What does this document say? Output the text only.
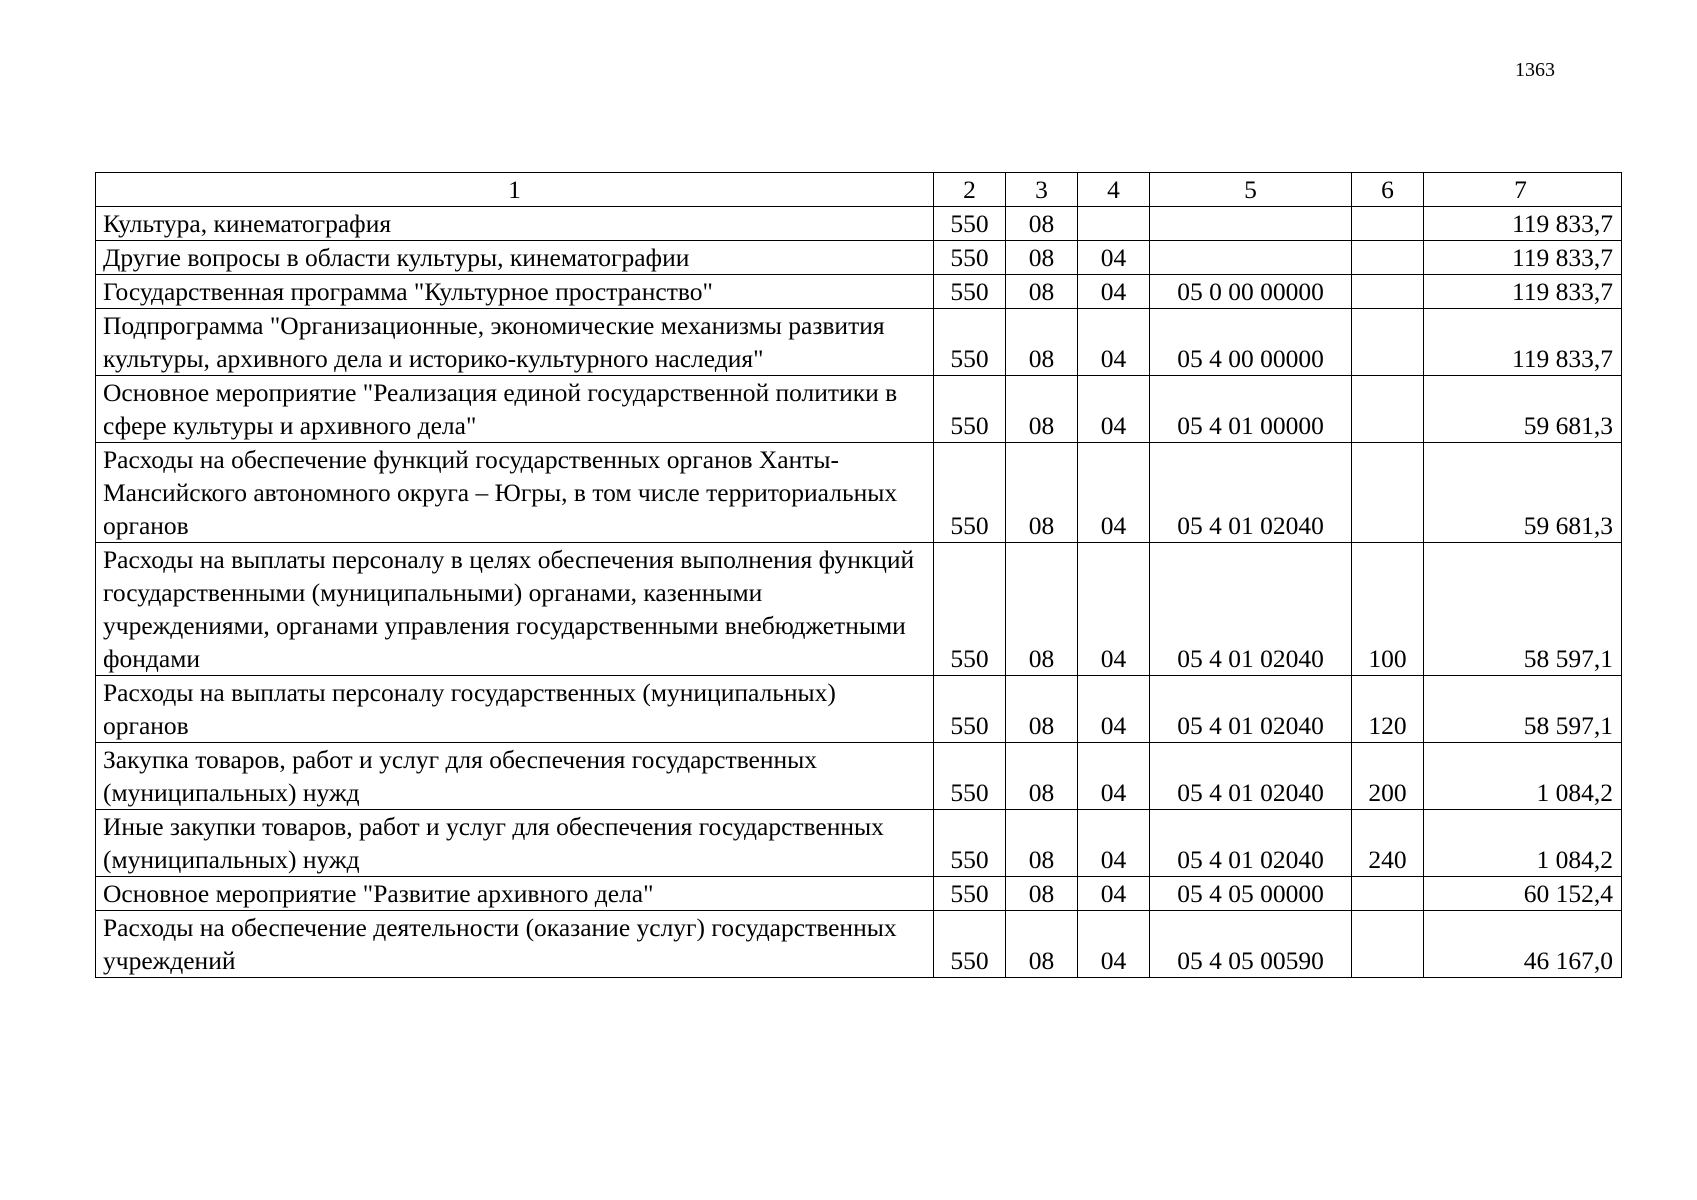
1363
1	2	3	4	5	6	7
Культура, кинематография	550	08				119 833,7
Другие вопросы в области культуры, кинематографии	550	08	04			119 833,7
Государственная программа "Культурное пространство"	550	08	04	05 0 00 00000		119 833,7
Подпрограмма "Организационные, экономические механизмы развития культуры, архивного дела и историко-культурного наследия"	550	08	04	05 4 00 00000		119 833,7
Основное мероприятие "Реализация единой государственной политики в сфере культуры и архивного дела"	550	08	04	05 4 01 00000		59 681,3
Расходы на обеспечение функций государственных органов Ханты-Мансийского автономного округа – Югры, в том числе территориальных органов	550	08	04	05 4 01 02040		59 681,3
Расходы на выплаты персоналу в целях обеспечения выполнения функций государственными (муниципальными) органами, казенными учреждениями, органами управления государственными внебюджетными фондами	550	08	04	05 4 01 02040	100	58 597,1
Расходы на выплаты персоналу государственных (муниципальных) органов	550	08	04	05 4 01 02040	120	58 597,1
Закупка товаров, работ и услуг для обеспечения государственных (муниципальных) нужд	550	08	04	05 4 01 02040	200	1 084,2
Иные закупки товаров, работ и услуг для обеспечения государственных (муниципальных) нужд	550	08	04	05 4 01 02040	240	1 084,2
Основное мероприятие "Развитие архивного дела"	550	08	04	05 4 05 00000		60 152,4
Расходы на обеспечение деятельности (оказание услуг) государственных учреждений	550	08	04	05 4 05 00590		46 167,0
